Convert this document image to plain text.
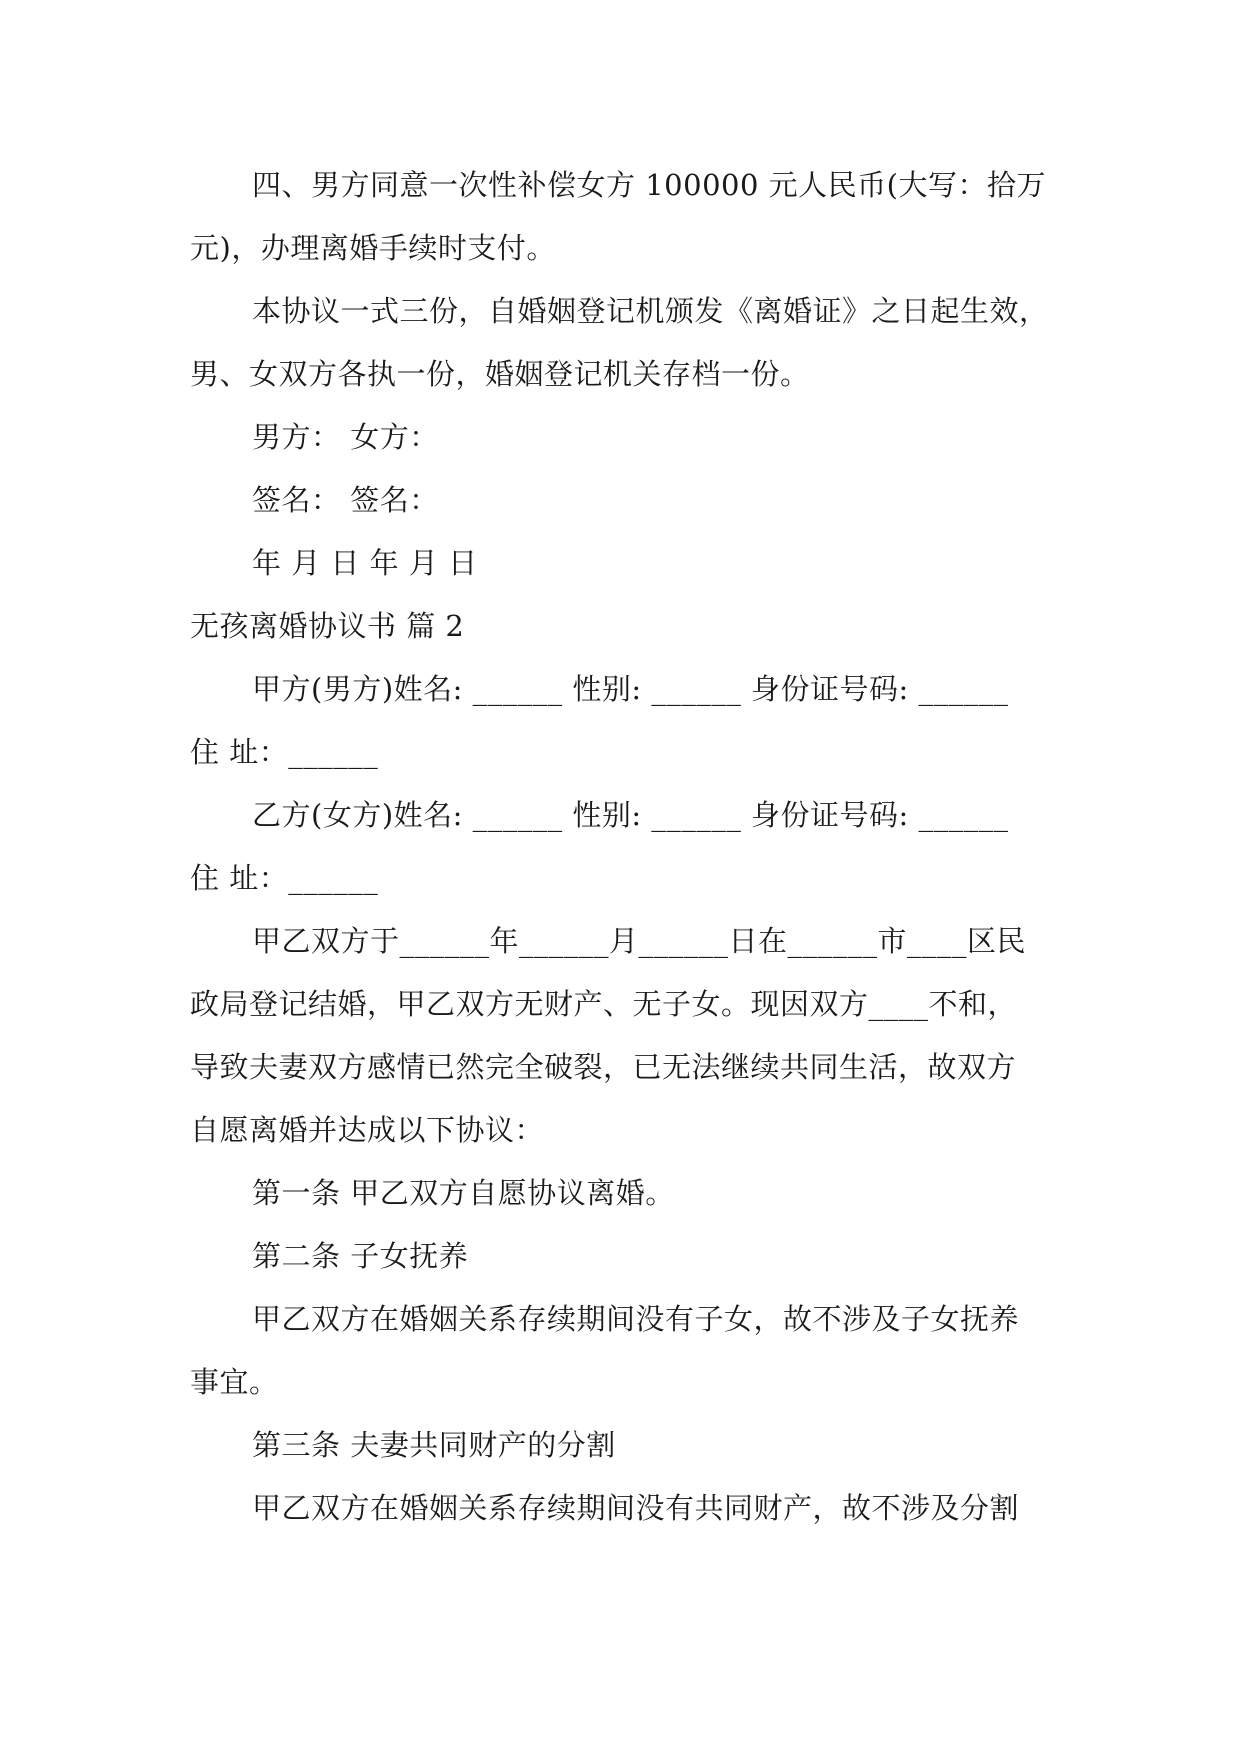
四、男方同意一次性补偿女方 100000 元人民币(大写：拾万
元)，办理离婚手续时支付。
本协议一式三份，自婚姻登记机颁发《离婚证》之日起生效，
男、女双方各执一份，婚姻登记机关存档一份。
男方： 女方：
签名： 签名：
年 月 日 年 月 日
无孩离婚协议书 篇 2
甲方(男方)姓名: ______ 性别: ______ 身份证号码: ______
住 址：______
乙方(女方)姓名: ______ 性别: ______ 身份证号码: ______
住 址：______
甲乙双方于______年______月______日在______市____区民
政局登记结婚，甲乙双方无财产、无子女。现因双方____不和，
导致夫妻双方感情已然完全破裂，已无法继续共同生活，故双方
自愿离婚并达成以下协议：
第一条 甲乙双方自愿协议离婚。
第二条 子女抚养
甲乙双方在婚姻关系存续期间没有子女，故不涉及子女抚养
事宜。
第三条 夫妻共同财产的分割
甲乙双方在婚姻关系存续期间没有共同财产，故不涉及分割
